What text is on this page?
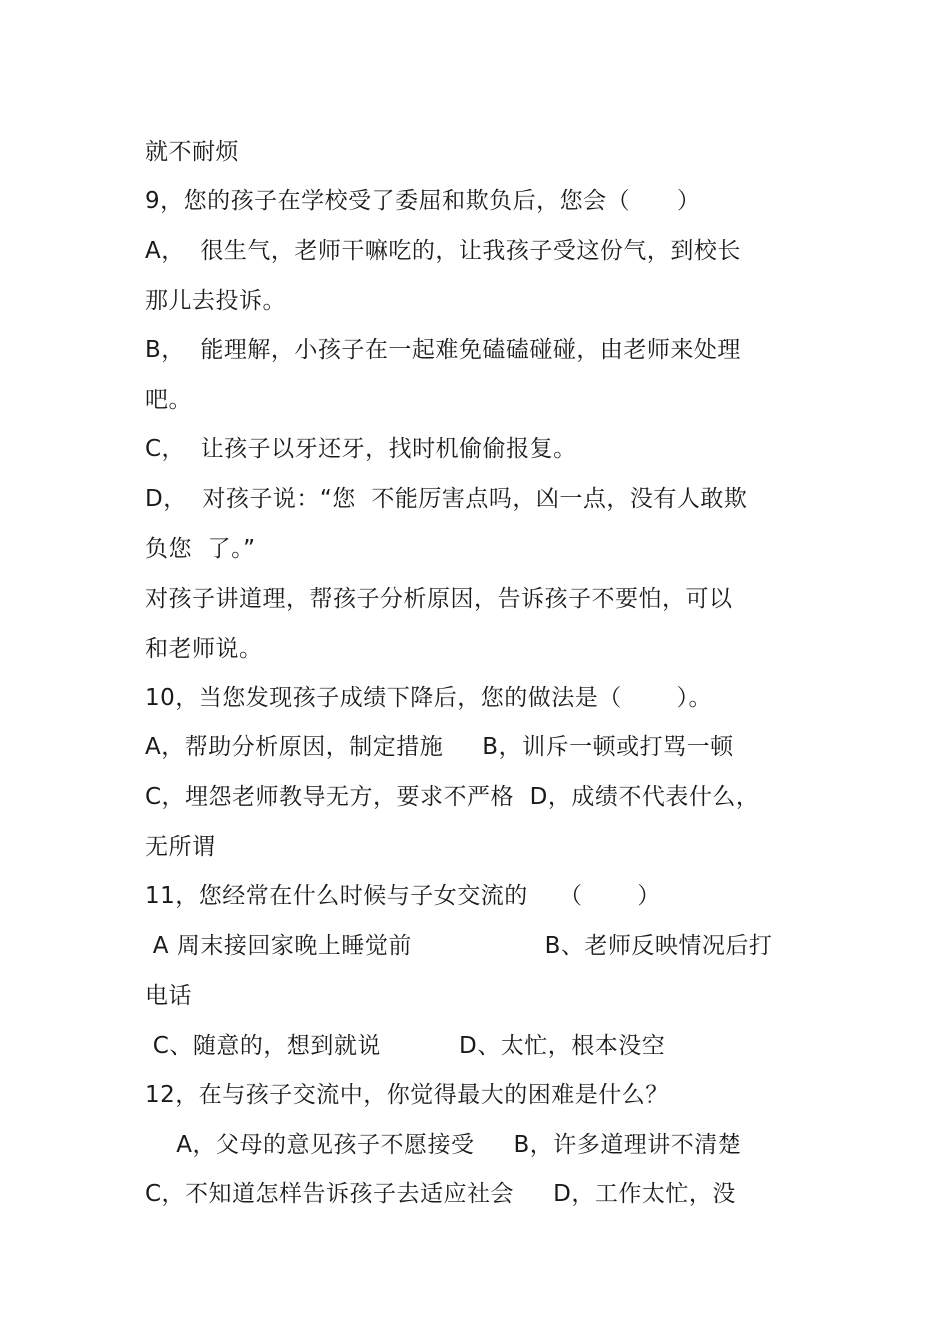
就不耐烦
9，您的孩子在学校受了委屈和欺负后，您会（      ）
A，  很生气，老师干嘛吃的，让我孩子受这份气，到校长
那儿去投诉。
B，  能理解，小孩子在一起难免磕磕碰碰，由老师来处理
吧。
C，  让孩子以牙还牙，找时机偷偷报复。
D，  对孩子说：“您  不能厉害点吗，凶一点，没有人敢欺
负您  了。”
对孩子讲道理，帮孩子分析原因，告诉孩子不要怕，可以
和老师说。
10，当您发现孩子成绩下降后，您的做法是（       ）。
A，帮助分析原因，制定措施     B，训斥一顿或打骂一顿
C，埋怨老师教导无方，要求不严格  D，成绩不代表什么，
无所谓
11，您经常在什么时候与子女交流的    （       ）
A 周末接回家晚上睡觉前                 B、老师反映情况后打
电话
C、随意的，想到就说          D、太忙，根本没空
12，在与孩子交流中，你觉得最大的困难是什么？
A，父母的意见孩子不愿接受     B，许多道理讲不清楚
C，不知道怎样告诉孩子去适应社会     D，工作太忙，没
